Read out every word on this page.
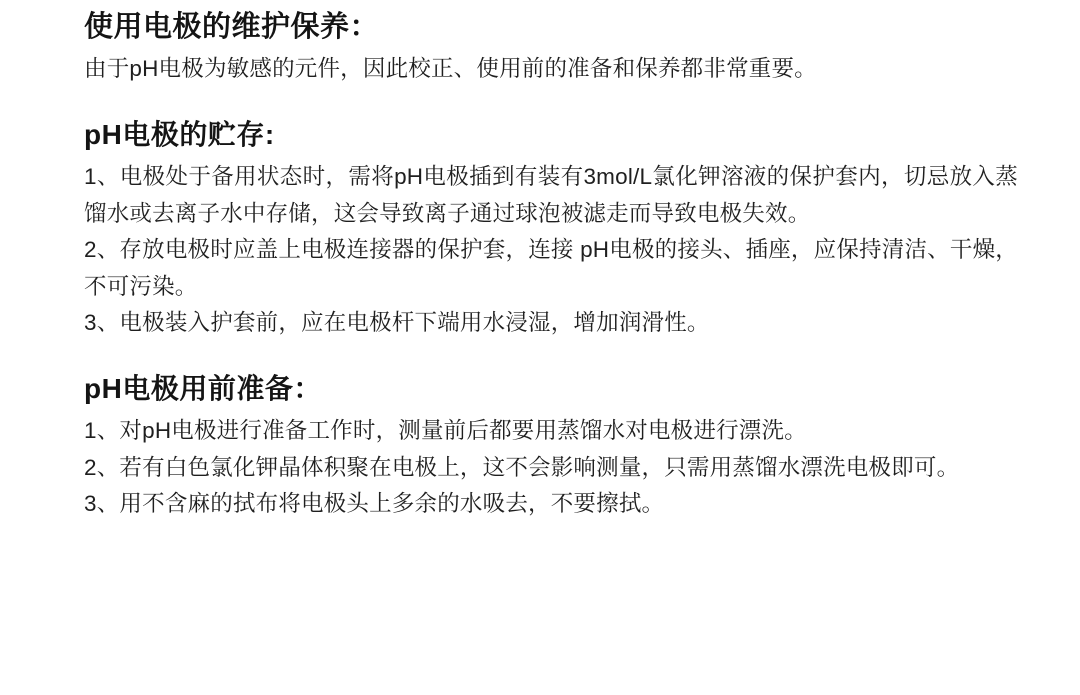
使用电极的维护保养：

由于pH电极为敏感的元件，因此校正、使用前的准备和保养都非常重要。

pH电极的贮存:

1、电极处于备用状态时，需将pH电极插到有装有3mol/L氯化钾溶液的保护套内，切忌放入蒸馏水或去离子水中存储，这会导致离子通过球泡被滤走而导致电极失效。

2、存放电极时应盖上电极连接器的保护套，连接 pH电极的接头、插座，应保持清洁、干燥，不可污染。

3、电极装入护套前，应在电极杆下端用水浸湿，增加润滑性。

pH电极用前准备：

1、对pH电极进行准备工作时，测量前后都要用蒸馏水对电极进行漂洗。

2、若有白色氯化钾晶体积聚在电极上，这不会影响测量，只需用蒸馏水漂洗电极即可。

3、用不含麻的拭布将电极头上多余的水吸去，不要擦拭。
